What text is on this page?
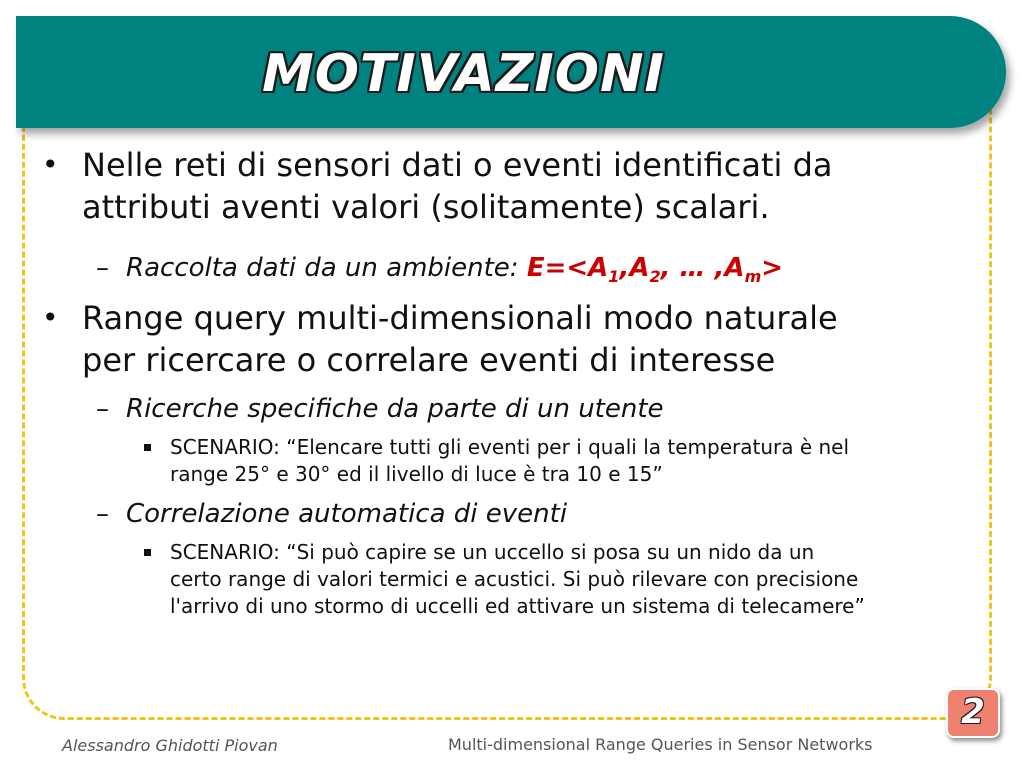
MOTIVAZIONI
• Nelle reti di sensori dati o eventi identificati da
attributi aventi valori (solitamente) scalari.
– Raccolta dati da un ambiente: $E=<A_1,A_2$, … $,A_m>$
• Range query multi-dimensionali modo naturale
per ricercare o correlare eventi di interesse
– Ricerche specifiche da parte di un utente
SCENARIO: “Elencare tutti gli eventi per i quali la temperatura è nel
range 25° e 30° ed il livello di luce è tra 10 e 15”
– Correlazione automatica di eventi
SCENARIO: “Si può capire se un uccello si posa su un nido da un
certo range di valori termici e acustici. Si può rilevare con precisione
l'arrivo di uno stormo di uccelli ed attivare un sistema di telecamere”
2
Alessandro Ghidotti Piovan	Multi-dimensional Range Queries in Sensor Networks
